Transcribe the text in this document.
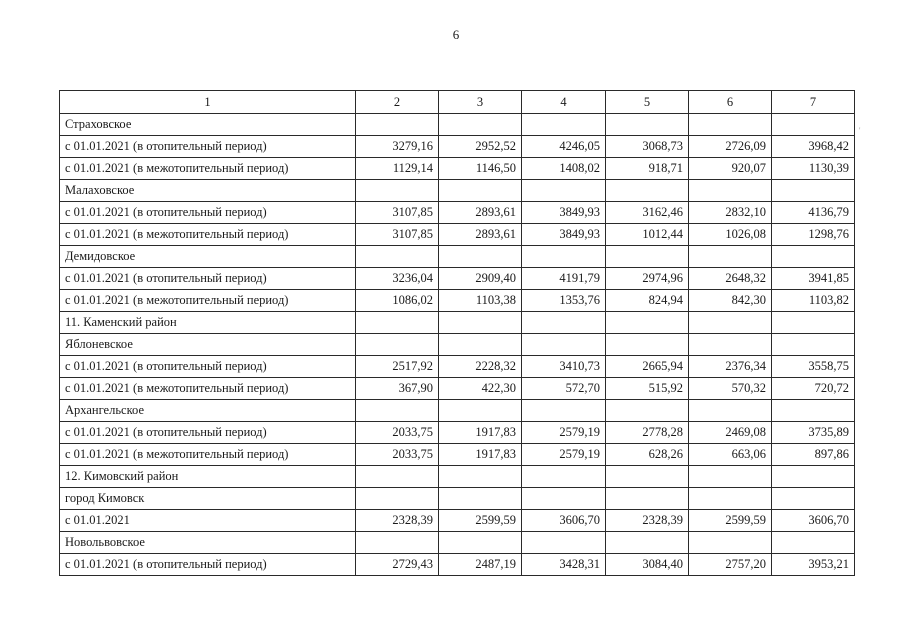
6
1	2	3	4	5	6	7
Страховское						
с 01.01.2021 (в отопительный период)	3279,16	2952,52	4246,05	3068,73	2726,09	3968,42
с 01.01.2021 (в межотопительный период)	1129,14	1146,50	1408,02	918,71	920,07	1130,39
Малаховское						
с 01.01.2021 (в отопительный период)	3107,85	2893,61	3849,93	3162,46	2832,10	4136,79
с 01.01.2021 (в межотопительный период)	3107,85	2893,61	3849,93	1012,44	1026,08	1298,76
Демидовское						
с 01.01.2021 (в отопительный период)	3236,04	2909,40	4191,79	2974,96	2648,32	3941,85
с 01.01.2021 (в межотопительный период)	1086,02	1103,38	1353,76	824,94	842,30	1103,82
11. Каменский район						
Яблоневское						
с 01.01.2021 (в отопительный период)	2517,92	2228,32	3410,73	2665,94	2376,34	3558,75
с 01.01.2021 (в межотопительный период)	367,90	422,30	572,70	515,92	570,32	720,72
Архангельское						
с 01.01.2021 (в отопительный период)	2033,75	1917,83	2579,19	2778,28	2469,08	3735,89
с 01.01.2021 (в межотопительный период)	2033,75	1917,83	2579,19	628,26	663,06	897,86
12. Кимовский район						
город Кимовск						
с 01.01.2021	2328,39	2599,59	3606,70	2328,39	2599,59	3606,70
Новольвовское						
с 01.01.2021 (в отопительный период)	2729,43	2487,19	3428,31	3084,40	2757,20	3953,21
'
